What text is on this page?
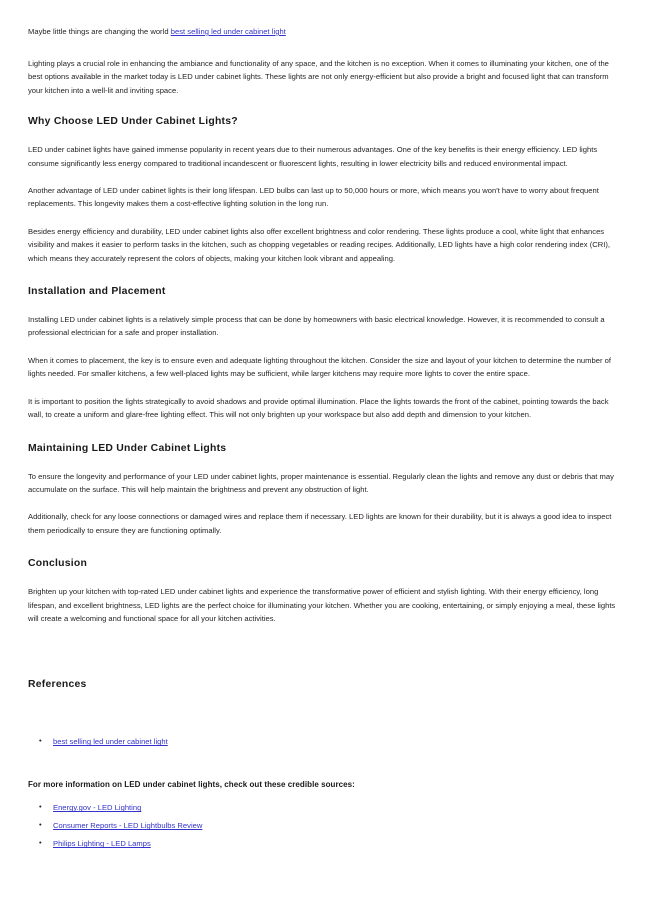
Maybe little things are changing the world best selling led under cabinet light

Lighting plays a crucial role in enhancing the ambiance and functionality of any space, and the kitchen is no exception. When it comes to illuminating your kitchen, one of the best options available in the market today is LED under cabinet lights. These lights are not only energy-efficient but also provide a bright and focused light that can transform your kitchen into a well-lit and inviting space.

Why Choose LED Under Cabinet Lights?

LED under cabinet lights have gained immense popularity in recent years due to their numerous advantages. One of the key benefits is their energy efficiency. LED lights consume significantly less energy compared to traditional incandescent or fluorescent lights, resulting in lower electricity bills and reduced environmental impact.

Another advantage of LED under cabinet lights is their long lifespan. LED bulbs can last up to 50,000 hours or more, which means you won't have to worry about frequent replacements. This longevity makes them a cost-effective lighting solution in the long run.

Besides energy efficiency and durability, LED under cabinet lights also offer excellent brightness and color rendering. These lights produce a cool, white light that enhances visibility and makes it easier to perform tasks in the kitchen, such as chopping vegetables or reading recipes. Additionally, LED lights have a high color rendering index (CRI), which means they accurately represent the colors of objects, making your kitchen look vibrant and appealing.

Installation and Placement

Installing LED under cabinet lights is a relatively simple process that can be done by homeowners with basic electrical knowledge. However, it is recommended to consult a professional electrician for a safe and proper installation.

When it comes to placement, the key is to ensure even and adequate lighting throughout the kitchen. Consider the size and layout of your kitchen to determine the number of lights needed. For smaller kitchens, a few well-placed lights may be sufficient, while larger kitchens may require more lights to cover the entire space.

It is important to position the lights strategically to avoid shadows and provide optimal illumination. Place the lights towards the front of the cabinet, pointing towards the back wall, to create a uniform and glare-free lighting effect. This will not only brighten up your workspace but also add depth and dimension to your kitchen.

Maintaining LED Under Cabinet Lights

To ensure the longevity and performance of your LED under cabinet lights, proper maintenance is essential. Regularly clean the lights and remove any dust or debris that may accumulate on the surface. This will help maintain the brightness and prevent any obstruction of light.

Additionally, check for any loose connections or damaged wires and replace them if necessary. LED lights are known for their durability, but it is always a good idea to inspect them periodically to ensure they are functioning optimally.

Conclusion

Brighten up your kitchen with top-rated LED under cabinet lights and experience the transformative power of efficient and stylish lighting. With their energy efficiency, long lifespan, and excellent brightness, LED lights are the perfect choice for illuminating your kitchen. Whether you are cooking, entertaining, or simply enjoying a meal, these lights will create a welcoming and functional space for all your kitchen activities.

References
• best selling led under cabinet light
For more information on LED under cabinet lights, check out these credible sources:
• Energy.gov - LED Lighting
• Consumer Reports - LED Lightbulbs Review
• Philips Lighting - LED Lamps
